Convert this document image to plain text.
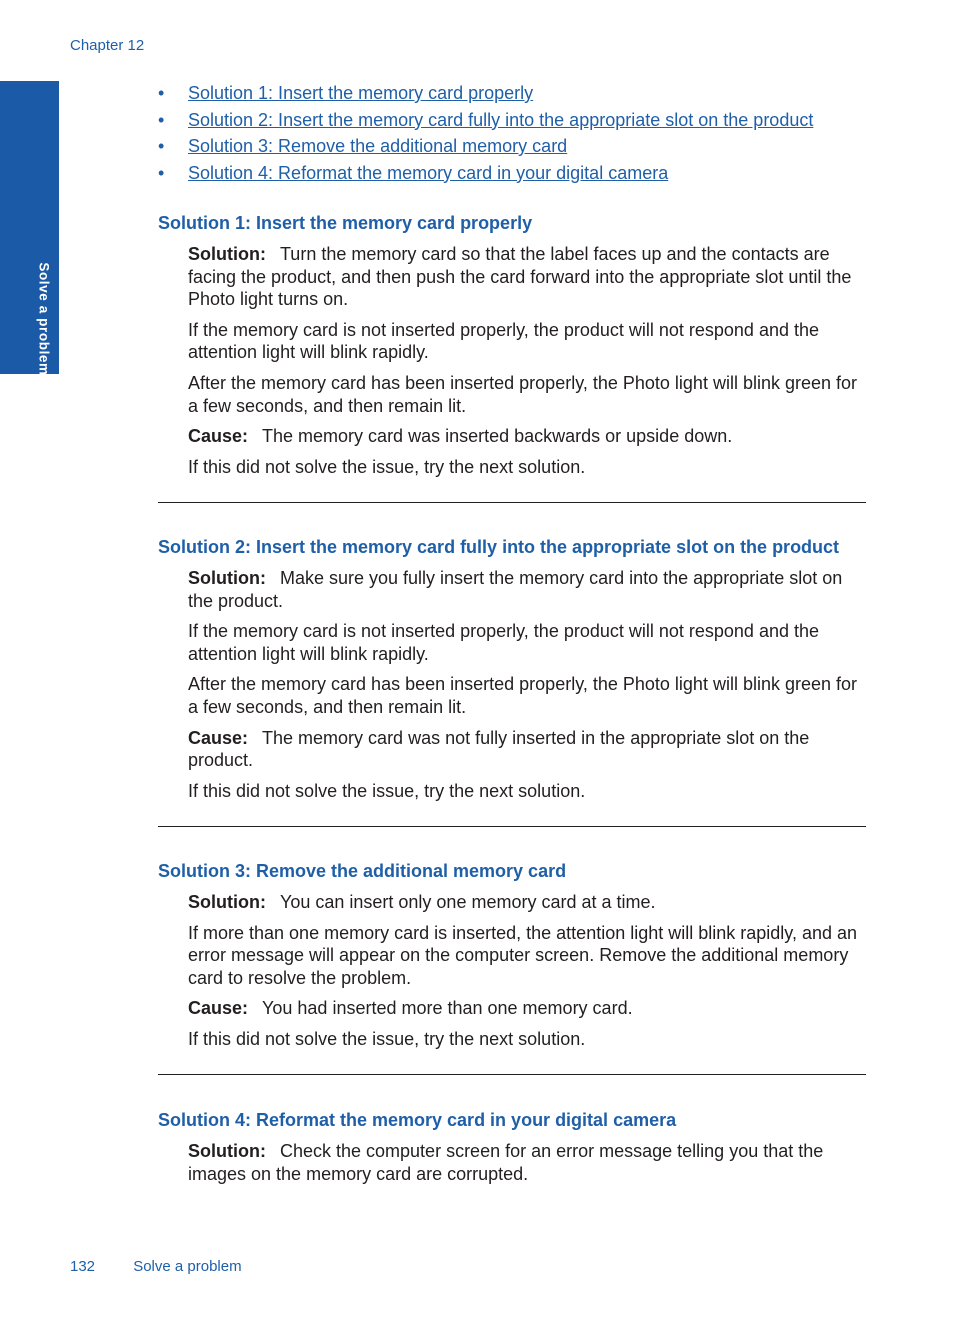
Chapter 12
Solve a problem
• Solution 1: Insert the memory card properly
• Solution 2: Insert the memory card fully into the appropriate slot on the product
• Solution 3: Remove the additional memory card
• Solution 4: Reformat the memory card in your digital camera
Solution 1: Insert the memory card properly

Solution: Turn the memory card so that the label faces up and the contacts are facing the product, and then push the card forward into the appropriate slot until the Photo light turns on.

If the memory card is not inserted properly, the product will not respond and the attention light will blink rapidly.

After the memory card has been inserted properly, the Photo light will blink green for a few seconds, and then remain lit.

Cause: The memory card was inserted backwards or upside down.

If this did not solve the issue, try the next solution.

Solution 2: Insert the memory card fully into the appropriate slot on the product

Solution: Make sure you fully insert the memory card into the appropriate slot on the product.

If the memory card is not inserted properly, the product will not respond and the attention light will blink rapidly.

After the memory card has been inserted properly, the Photo light will blink green for a few seconds, and then remain lit.

Cause: The memory card was not fully inserted in the appropriate slot on the product.

If this did not solve the issue, try the next solution.

Solution 3: Remove the additional memory card

Solution: You can insert only one memory card at a time.

If more than one memory card is inserted, the attention light will blink rapidly, and an error message will appear on the computer screen. Remove the additional memory card to resolve the problem.

Cause: You had inserted more than one memory card.

If this did not solve the issue, try the next solution.

Solution 4: Reformat the memory card in your digital camera

Solution: Check the computer screen for an error message telling you that the images on the memory card are corrupted.

132	Solve a problem
